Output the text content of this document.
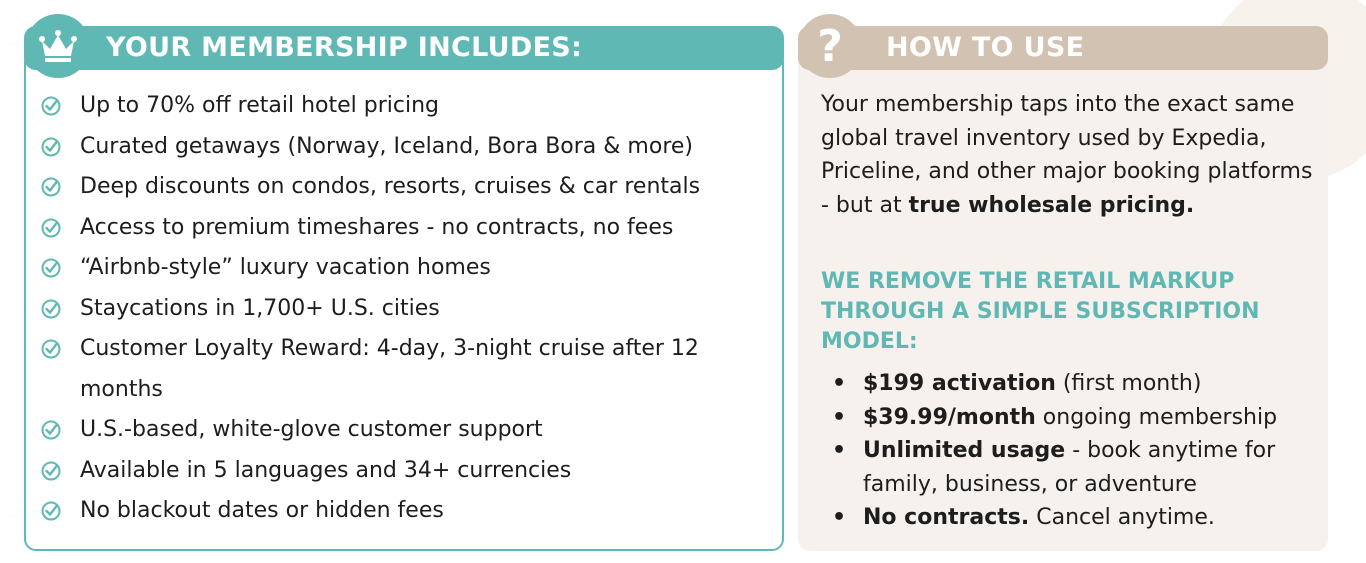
YOUR MEMBERSHIP INCLUDES:
Up to 70% off retail hotel pricing
Curated getaways (Norway, Iceland, Bora Bora & more)
Deep discounts on condos, resorts, cruises & car rentals
Access to premium timeshares - no contracts, no fees
“Airbnb-style” luxury vacation homes
Staycations in 1,700+ U.S. cities
Customer Loyalty Reward: 4-day, 3-night cruise after 12 months
U.S.-based, white-glove customer support
Available in 5 languages and 34+ currencies
No blackout dates or hidden fees
?	HOW TO USE
Your membership taps into the exact same global travel inventory used by Expedia, Priceline, and other major booking platforms - but at true wholesale pricing.
WE REMOVE THE RETAIL MARKUP THROUGH A SIMPLE SUBSCRIPTION MODEL:
• $199 activation (first month)
• $39.99/month ongoing membership
• Unlimited usage - book anytime for family, business, or adventure
• No contracts. Cancel anytime.
